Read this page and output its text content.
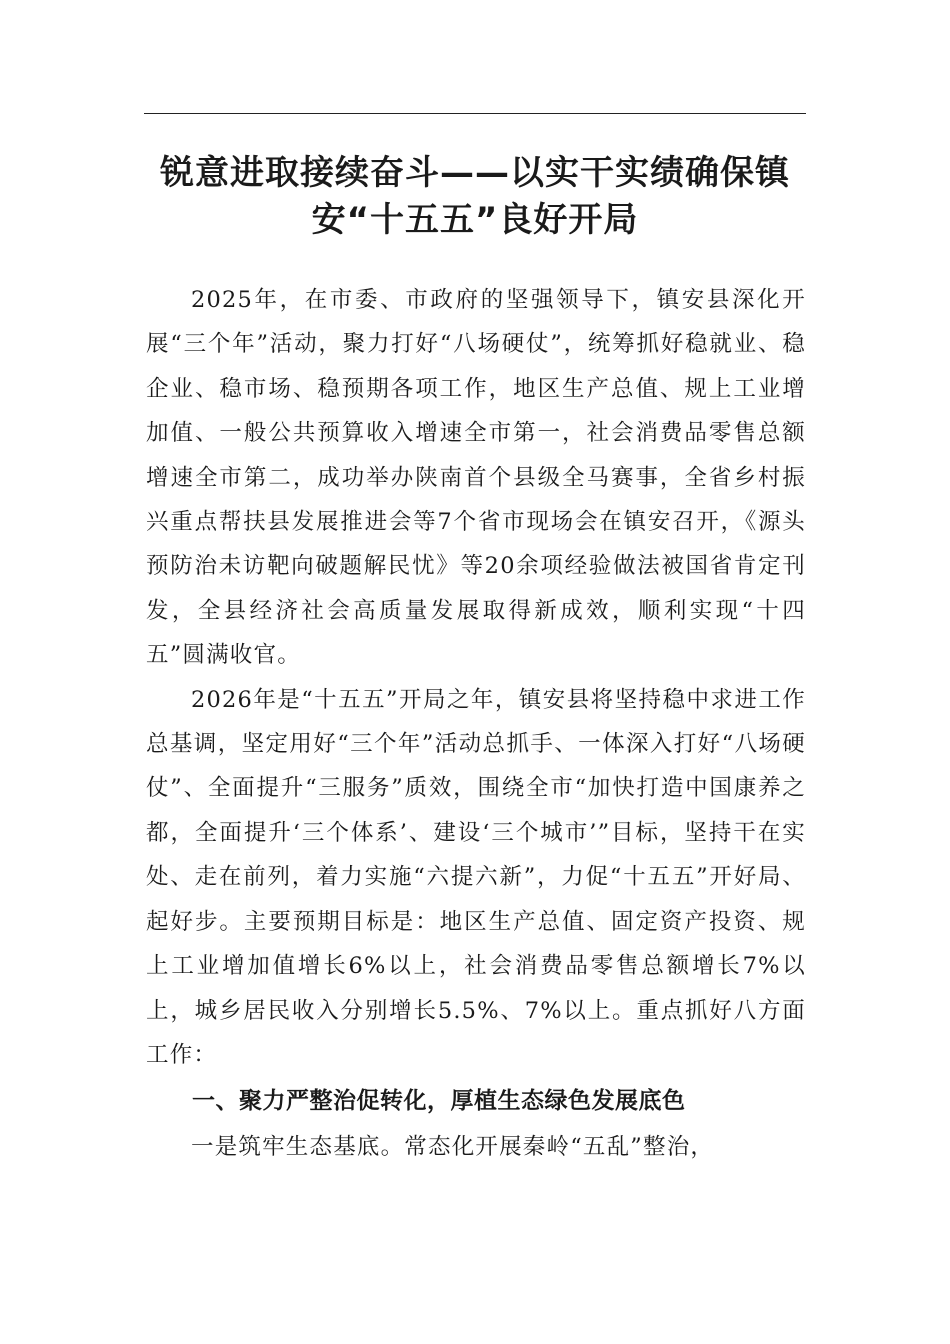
锐意进取接续奋斗——以实干实绩确保镇
安“十五五”良好开局

2025年，在市委、市政府的坚强领导下，镇安县深化开展“三个年”活动，聚力打好“八场硬仗”，统筹抓好稳就业、稳企业、稳市场、稳预期各项工作，地区生产总值、规上工业增加值、一般公共预算收入增速全市第一，社会消费品零售总额增速全市第二，成功举办陕南首个县级全马赛事，全省乡村振兴重点帮扶县发展推进会等7个省市现场会在镇安召开，《源头预防治未访靶向破题解民忧》等20余项经验做法被国省肯定刊发，全县经济社会高质量发展取得新成效，顺利实现“十四五”圆满收官。

2026年是“十五五”开局之年，镇安县将坚持稳中求进工作总基调，坚定用好“三个年”活动总抓手、一体深入打好“八场硬仗”、全面提升“三服务”质效，围绕全市“加快打造中国康养之都，全面提升‘三个体系’、建设‘三个城市’”目标，坚持干在实处、走在前列，着力实施“六提六新”，力促“十五五”开好局、起好步。主要预期目标是：地区生产总值、固定资产投资、规上工业增加值增长6%以上，社会消费品零售总额增长7%以上，城乡居民收入分别增长5.5%、7%以上。重点抓好八方面工作：

一、聚力严整治促转化，厚植生态绿色发展底色

一是筑牢生态基底。常态化开展秦岭“五乱”整治，
